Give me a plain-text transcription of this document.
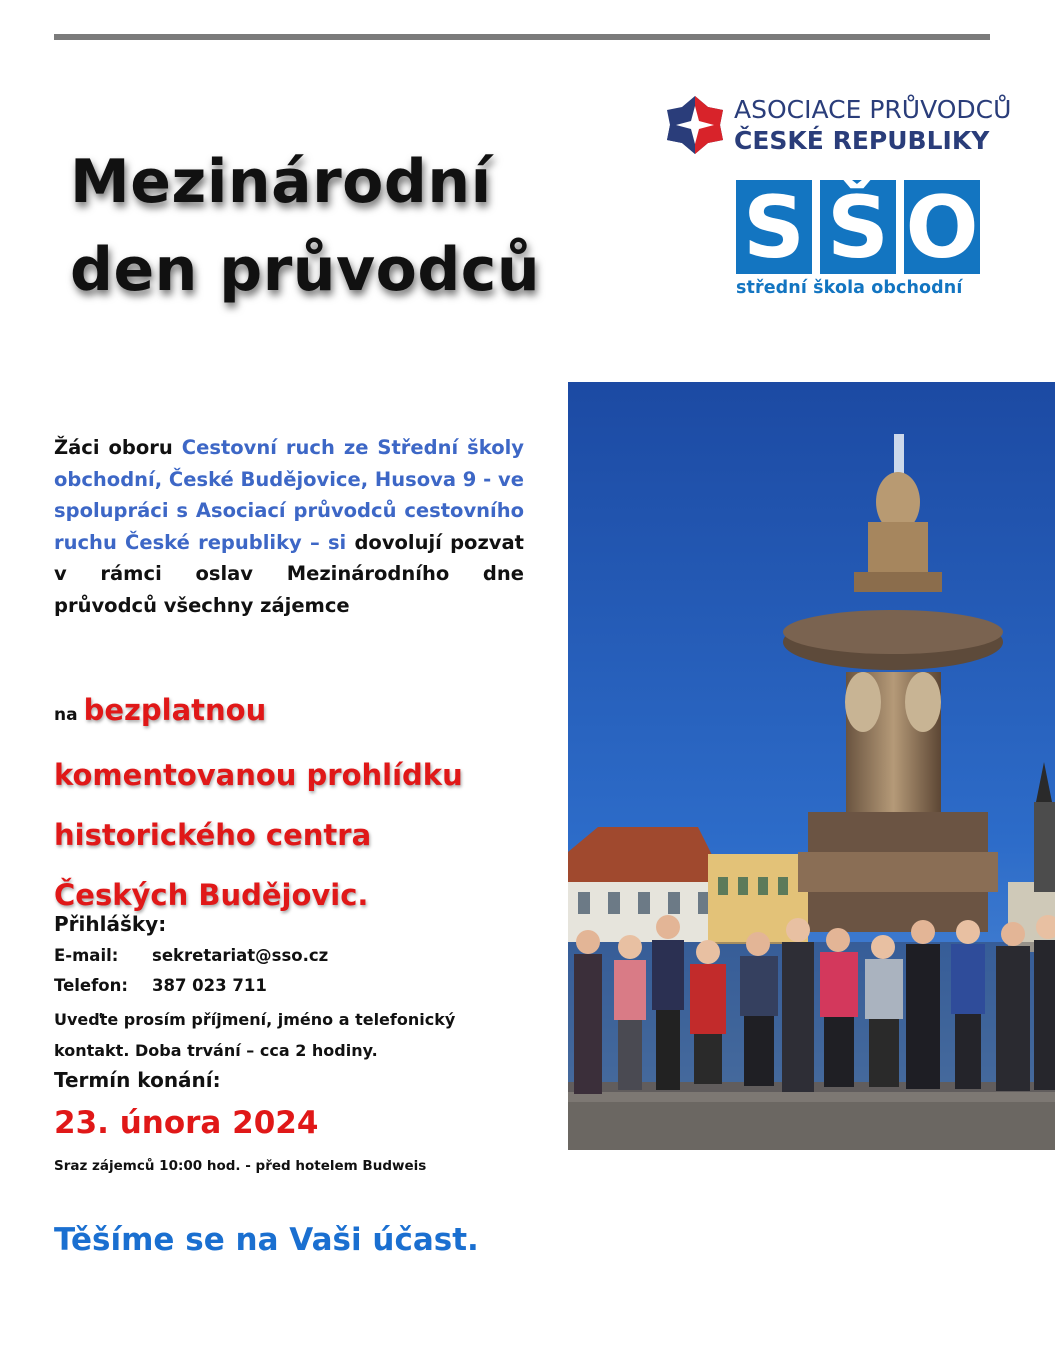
Mezinárodní
den průvodců
ASOCIACE PRŮVODCŮ
ČESKÉ REPUBLIKY
S Š O
střední škola obchodní

Žáci oboru Cestovní ruch ze Střední školy obchodní, České Budějovice, Husova 9 - ve spolupráci s Asociací průvodců cestovního ruchu České republiky – si dovolují pozvat v rámci oslav Mezinárodního dne průvodců všechny zájemce

na bezplatnou
komentovanou prohlídku
historického centra
Českých Budějovic.

Přihlášky:

E-mail: sekretariat@sso.cz
Telefon: 387 023 711

Uveďte prosím příjmení, jméno a telefonický kontakt. Doba trvání – cca 2 hodiny.

Termín konání:

23. února 2024

Sraz zájemců 10:00 hod. - před hotelem Budweis

Těšíme se na Vaši účast.
